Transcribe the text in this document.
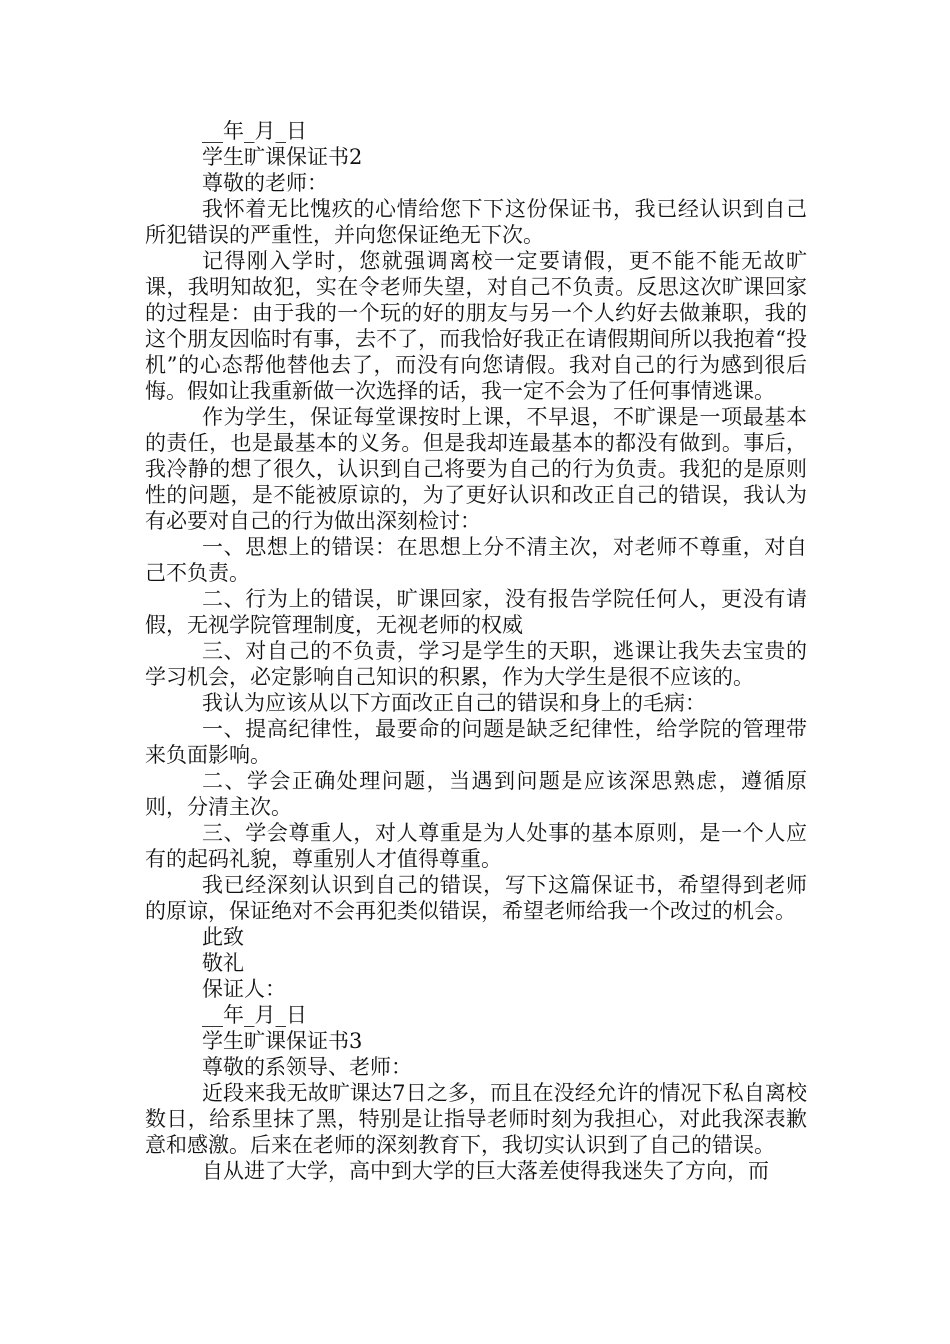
__年_月_日

学生旷课保证书2

尊敬的老师：

我怀着无比愧疚的心情给您下下这份保证书，我已经认识到自己所犯错误的严重性，并向您保证绝无下次。

记得刚入学时，您就强调离校一定要请假，更不能不能无故旷课，我明知故犯，实在令老师失望，对自己不负责。反思这次旷课回家的过程是：由于我的一个玩的好的朋友与另一个人约好去做兼职，我的这个朋友因临时有事，去不了，而我恰好我正在请假期间所以我抱着“投机”的心态帮他替他去了，而没有向您请假。我对自己的行为感到很后悔。假如让我重新做一次选择的话，我一定不会为了任何事情逃课。

作为学生，保证每堂课按时上课，不早退，不旷课是一项最基本的责任，也是最基本的义务。但是我却连最基本的都没有做到。事后，我冷静的想了很久，认识到自己将要为自己的行为负责。我犯的是原则性的问题，是不能被原谅的，为了更好认识和改正自己的错误，我认为有必要对自己的行为做出深刻检讨：

一、思想上的错误：在思想上分不清主次，对老师不尊重，对自己不负责。

二、行为上的错误，旷课回家，没有报告学院任何人，更没有请假，无视学院管理制度，无视老师的权威

三、对自己的不负责，学习是学生的天职，逃课让我失去宝贵的学习机会，必定影响自己知识的积累，作为大学生是很不应该的。

我认为应该从以下方面改正自己的错误和身上的毛病：

一、提高纪律性，最要命的问题是缺乏纪律性，给学院的管理带来负面影响。

二、学会正确处理问题，当遇到问题是应该深思熟虑，遵循原则，分清主次。

三、学会尊重人，对人尊重是为人处事的基本原则，是一个人应有的起码礼貌，尊重别人才值得尊重。

我已经深刻认识到自己的错误，写下这篇保证书，希望得到老师的原谅，保证绝对不会再犯类似错误，希望老师给我一个改过的机会。

此致

敬礼

保证人：

__年_月_日

学生旷课保证书3

尊敬的系领导、老师：

近段来我无故旷课达7日之多，而且在没经允许的情况下私自离校数日，给系里抹了黑，特别是让指导老师时刻为我担心，对此我深表歉意和感激。后来在老师的深刻教育下，我切实认识到了自己的错误。

自从进了大学，高中到大学的巨大落差使得我迷失了方向，而
